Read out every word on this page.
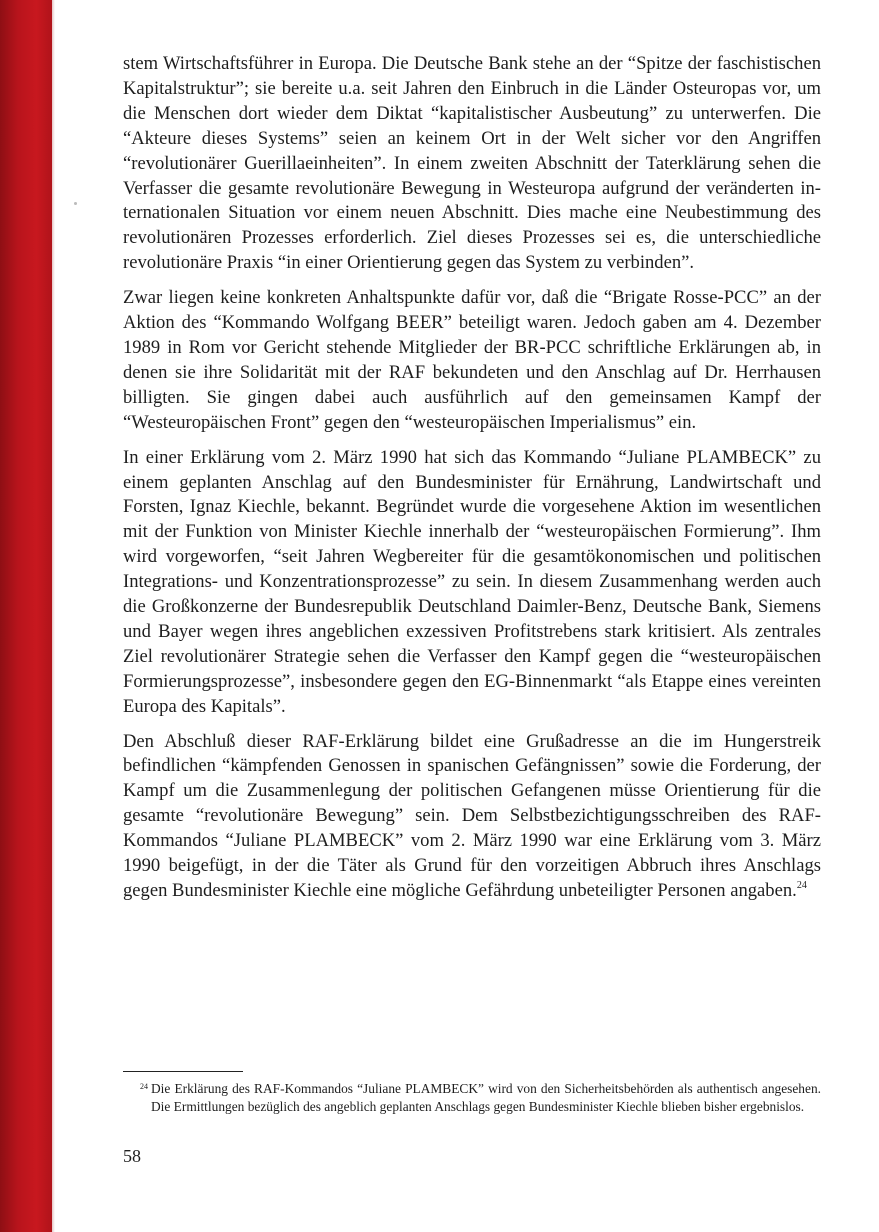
stem Wirtschaftsführer in Europa. Die Deutsche Bank stehe an der “Spitze der faschistischen Kapitalstruktur”; sie bereite u.a. seit Jahren den Einbruch in die Länder Osteuropas vor, um die Menschen dort wieder dem Diktat “kapitalistischer Ausbeutung” zu unterwerfen. Die “Akteure dieses Systems” seien an keinem Ort in der Welt sicher vor den Angriffen “revolutionärer Guerillaeinheiten”. In einem zweiten Abschnitt der Taterklärung sehen die Verfasser die gesamte revolutionäre Bewegung in Westeuropa aufgrund der veränderten internationalen Situation vor einem neuen Abschnitt. Dies mache eine Neubestimmung des revolutionären Prozesses erforderlich. Ziel dieses Prozesses sei es, die unterschiedliche revolutionäre Praxis “in einer Orientierung gegen das System zu verbinden”.

Zwar liegen keine konkreten Anhaltspunkte dafür vor, daß die “Brigate Rosse-PCC” an der Aktion des “Kommando Wolfgang BEER” beteiligt waren. Jedoch gaben am 4. Dezember 1989 in Rom vor Gericht stehende Mitglieder der BR-PCC schriftliche Erklärungen ab, in denen sie ihre Solidarität mit der RAF bekundeten und den Anschlag auf Dr. Herrhausen billigten. Sie gingen dabei auch ausführlich auf den gemeinsamen Kampf der “Westeuropäischen Front” gegen den “westeuropäischen Imperialismus” ein.

In einer Erklärung vom 2. März 1990 hat sich das Kommando “Juliane PLAMBECK” zu einem geplanten Anschlag auf den Bundesminister für Ernährung, Landwirtschaft und Forsten, Ignaz Kiechle, bekannt. Begründet wurde die vorgesehene Aktion im wesentlichen mit der Funktion von Minister Kiechle innerhalb der “westeuropäischen Formierung”. Ihm wird vorgeworfen, “seit Jahren Wegbereiter für die gesamtökonomischen und politischen Integrations- und Konzentrationsprozesse” zu sein. In diesem Zusammenhang werden auch die Großkonzerne der Bundesrepublik Deutschland Daimler-Benz, Deutsche Bank, Siemens und Bayer wegen ihres angeblichen exzessiven Profitstrebens stark kritisiert. Als zentrales Ziel revolutionärer Strategie sehen die Verfasser den Kampf gegen die “westeuropäischen Formierungsprozesse”, insbesondere gegen den EG-Binnenmarkt “als Etappe eines vereinten Europa des Kapitals”.

Den Abschluß dieser RAF-Erklärung bildet eine Grußadresse an die im Hungerstreik befindlichen “kämpfenden Genossen in spanischen Gefängnissen” sowie die Forderung, der Kampf um die Zusammenlegung der politischen Gefangenen müsse Orientierung für die gesamte “revolutionäre Bewegung” sein. Dem Selbstbezichtigungsschreiben des RAF-Kommandos “Juliane PLAMBECK” vom 2. März 1990 war eine Erklärung vom 3. März 1990 beigefügt, in der die Täter als Grund für den vorzeitigen Abbruch ihres Anschlags gegen Bundesminister Kiechle eine mögliche Gefährdung unbeteiligter Personen angaben.$^{24}$

24 Die Erklärung des RAF-Kommandos “Juliane PLAMBECK” wird von den Sicherheitsbehörden als authentisch angesehen. Die Ermittlungen bezüglich des angeblich geplanten Anschlags gegen Bundesminister Kiechle blieben bisher ergebnislos.
58
